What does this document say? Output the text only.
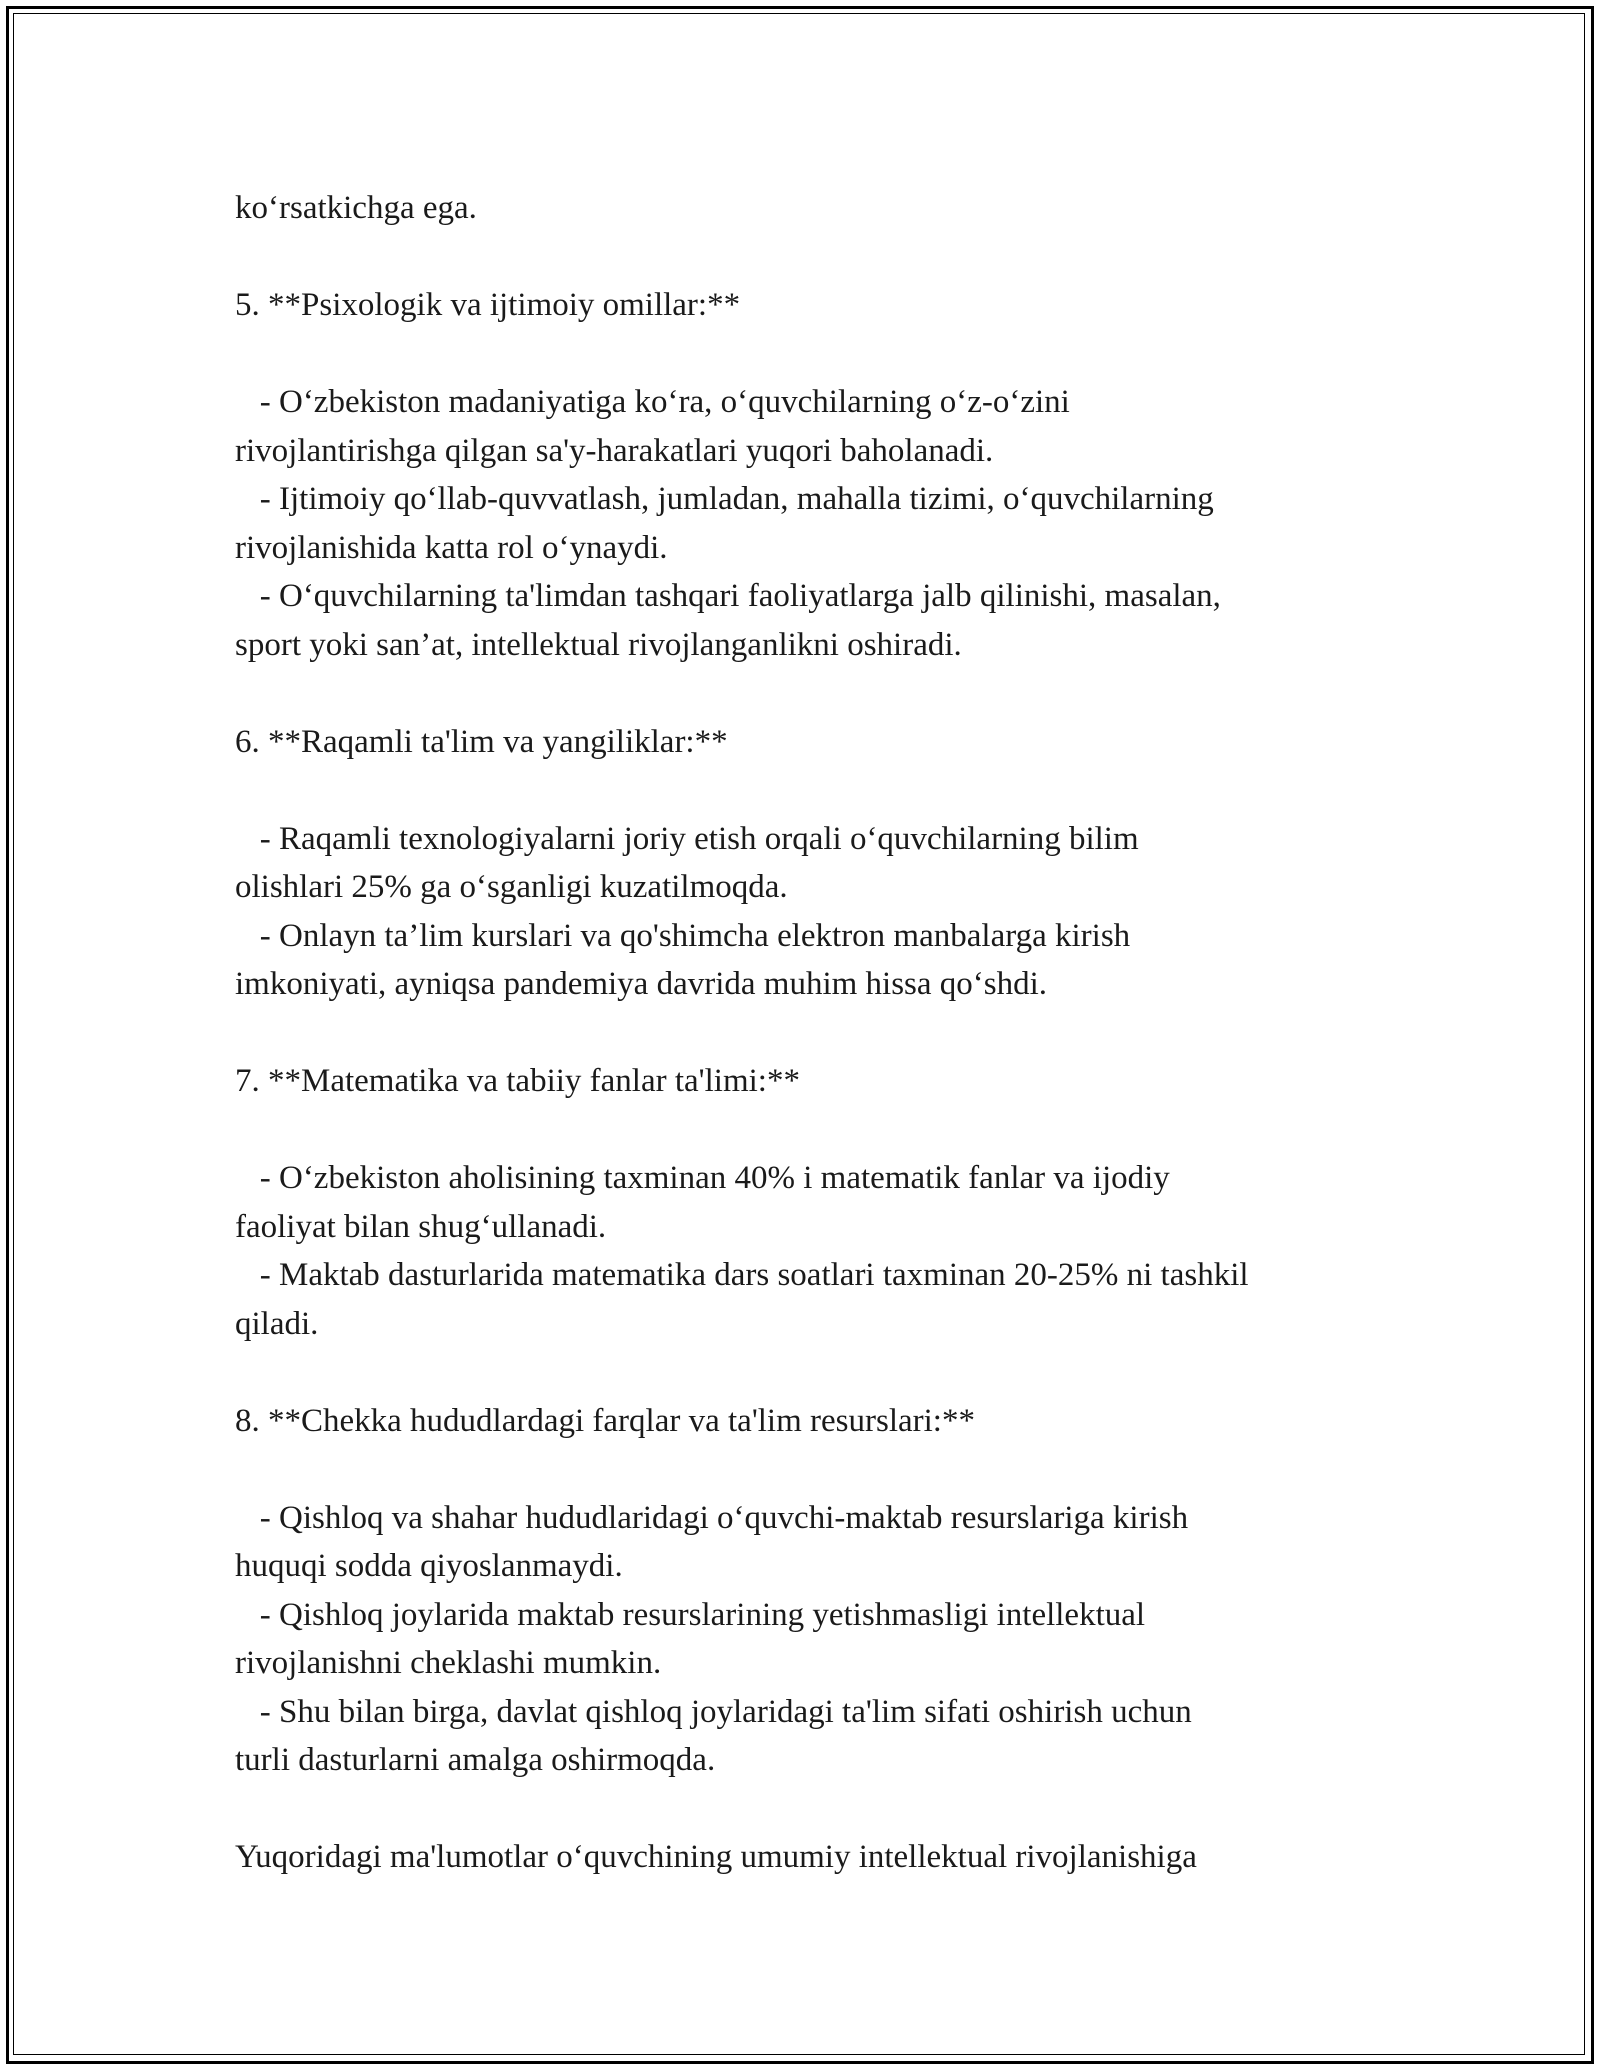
ko‘rsatkichga ega.
5. **Psixologik va ijtimoiy omillar:**
- O‘zbekiston madaniyatiga ko‘ra, o‘quvchilarning o‘z-o‘zini
rivojlantirishga qilgan sa'y-harakatlari yuqori baholanadi.
- Ijtimoiy qo‘llab-quvvatlash, jumladan, mahalla tizimi, o‘quvchilarning
rivojlanishida katta rol o‘ynaydi.
- O‘quvchilarning ta'limdan tashqari faoliyatlarga jalb qilinishi, masalan,
sport yoki san’at, intellektual rivojlanganlikni oshiradi.
6. **Raqamli ta'lim va yangiliklar:**
- Raqamli texnologiyalarni joriy etish orqali o‘quvchilarning bilim
olishlari 25% ga o‘sganligi kuzatilmoqda.
- Onlayn ta’lim kurslari va qo'shimcha elektron manbalarga kirish
imkoniyati, ayniqsa pandemiya davrida muhim hissa qo‘shdi.
7. **Matematika va tabiiy fanlar ta'limi:**
- O‘zbekiston aholisining taxminan 40% i matematik fanlar va ijodiy
faoliyat bilan shug‘ullanadi.
- Maktab dasturlarida matematika dars soatlari taxminan 20-25% ni tashkil
qiladi.
8. **Chekka hududlardagi farqlar va ta'lim resurslari:**
- Qishloq va shahar hududlaridagi o‘quvchi-maktab resurslariga kirish
huquqi sodda qiyoslanmaydi.
- Qishloq joylarida maktab resurslarining yetishmasligi intellektual
rivojlanishni cheklashi mumkin.
- Shu bilan birga, davlat qishloq joylaridagi ta'lim sifati oshirish uchun
turli dasturlarni amalga oshirmoqda.
Yuqoridagi ma'lumotlar o‘quvchining umumiy intellektual rivojlanishiga
